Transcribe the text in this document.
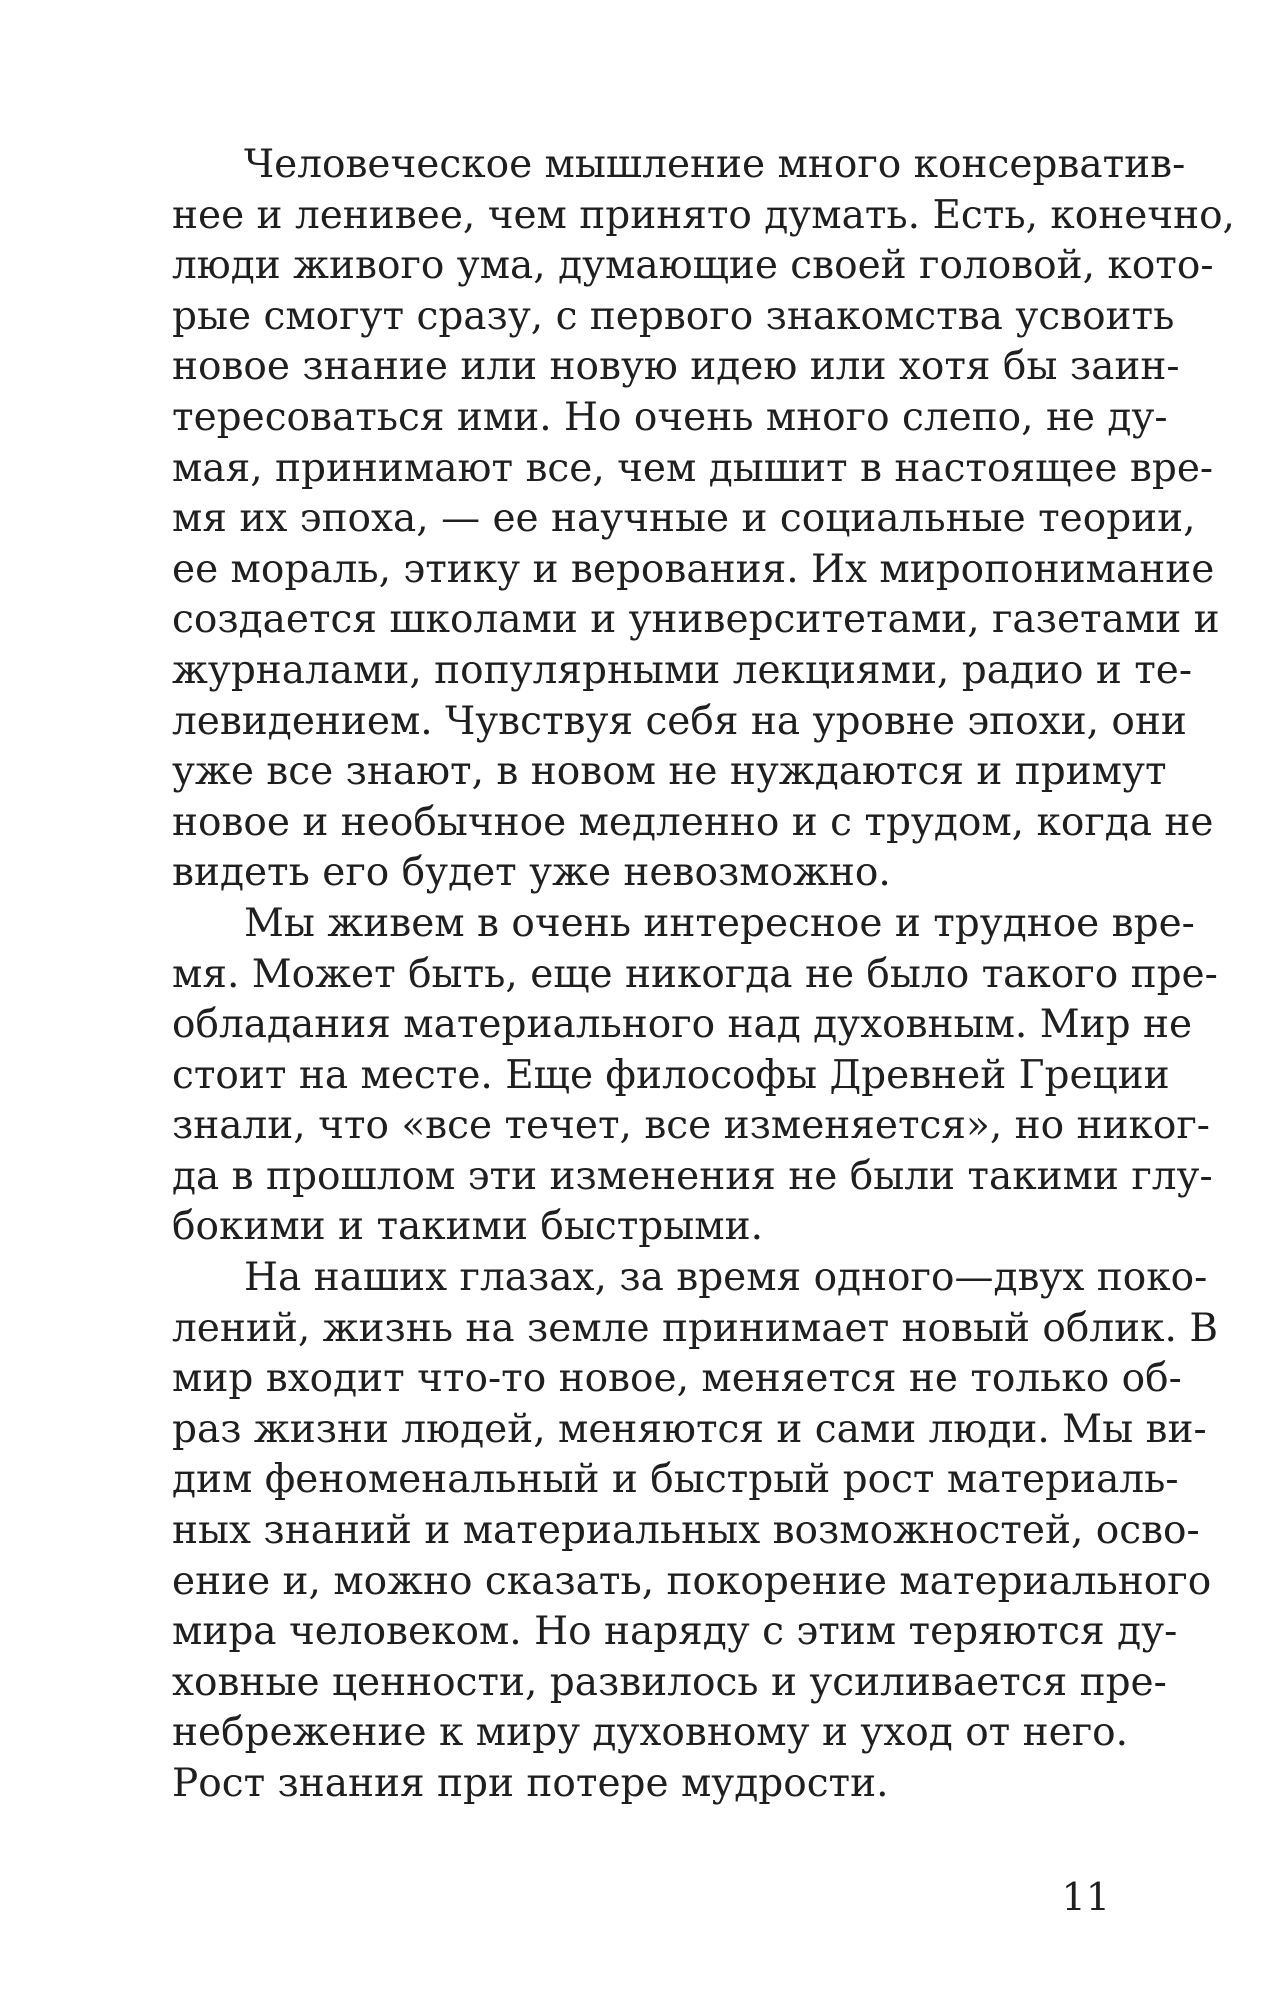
Человеческое мышление много консерватив-
нее и ленивее, чем принято думать. Есть, конечно,
люди живого ума, думающие своей головой, кото-
рые смогут сразу, с первого знакомства усвоить
новое знание или новую идею или хотя бы заин-
тересоваться ими. Но очень много слепо, не ду-
мая, принимают все, чем дышит в настоящее вре-
мя их эпоха, — ее научные и социальные теории,
ее мораль, этику и верования. Их миропонимание
создается школами и университетами, газетами и
журналами, популярными лекциями, радио и те-
левидением. Чувствуя себя на уровне эпохи, они
уже все знают, в новом не нуждаются и примут
новое и необычное медленно и с трудом, когда не
видеть его будет уже невозможно.
Мы живем в очень интересное и трудное вре-
мя. Может быть, еще никогда не было такого пре-
обладания материального над духовным. Мир не
стоит на месте. Еще философы Древней Греции
знали, что «все течет, все изменяется», но никог-
да в прошлом эти изменения не были такими глу-
бокими и такими быстрыми.
На наших глазах, за время одного—двух поко-
лений, жизнь на земле принимает новый облик. В
мир входит что-то новое, меняется не только об-
раз жизни людей, меняются и сами люди. Мы ви-
дим феноменальный и быстрый рост материаль-
ных знаний и материальных возможностей, осво-
ение и, можно сказать, покорение материального
мира человеком. Но наряду с этим теряются ду-
ховные ценности, развилось и усиливается пре-
небрежение к миру духовному и уход от него.
Рост знания при потере мудрости.
11
